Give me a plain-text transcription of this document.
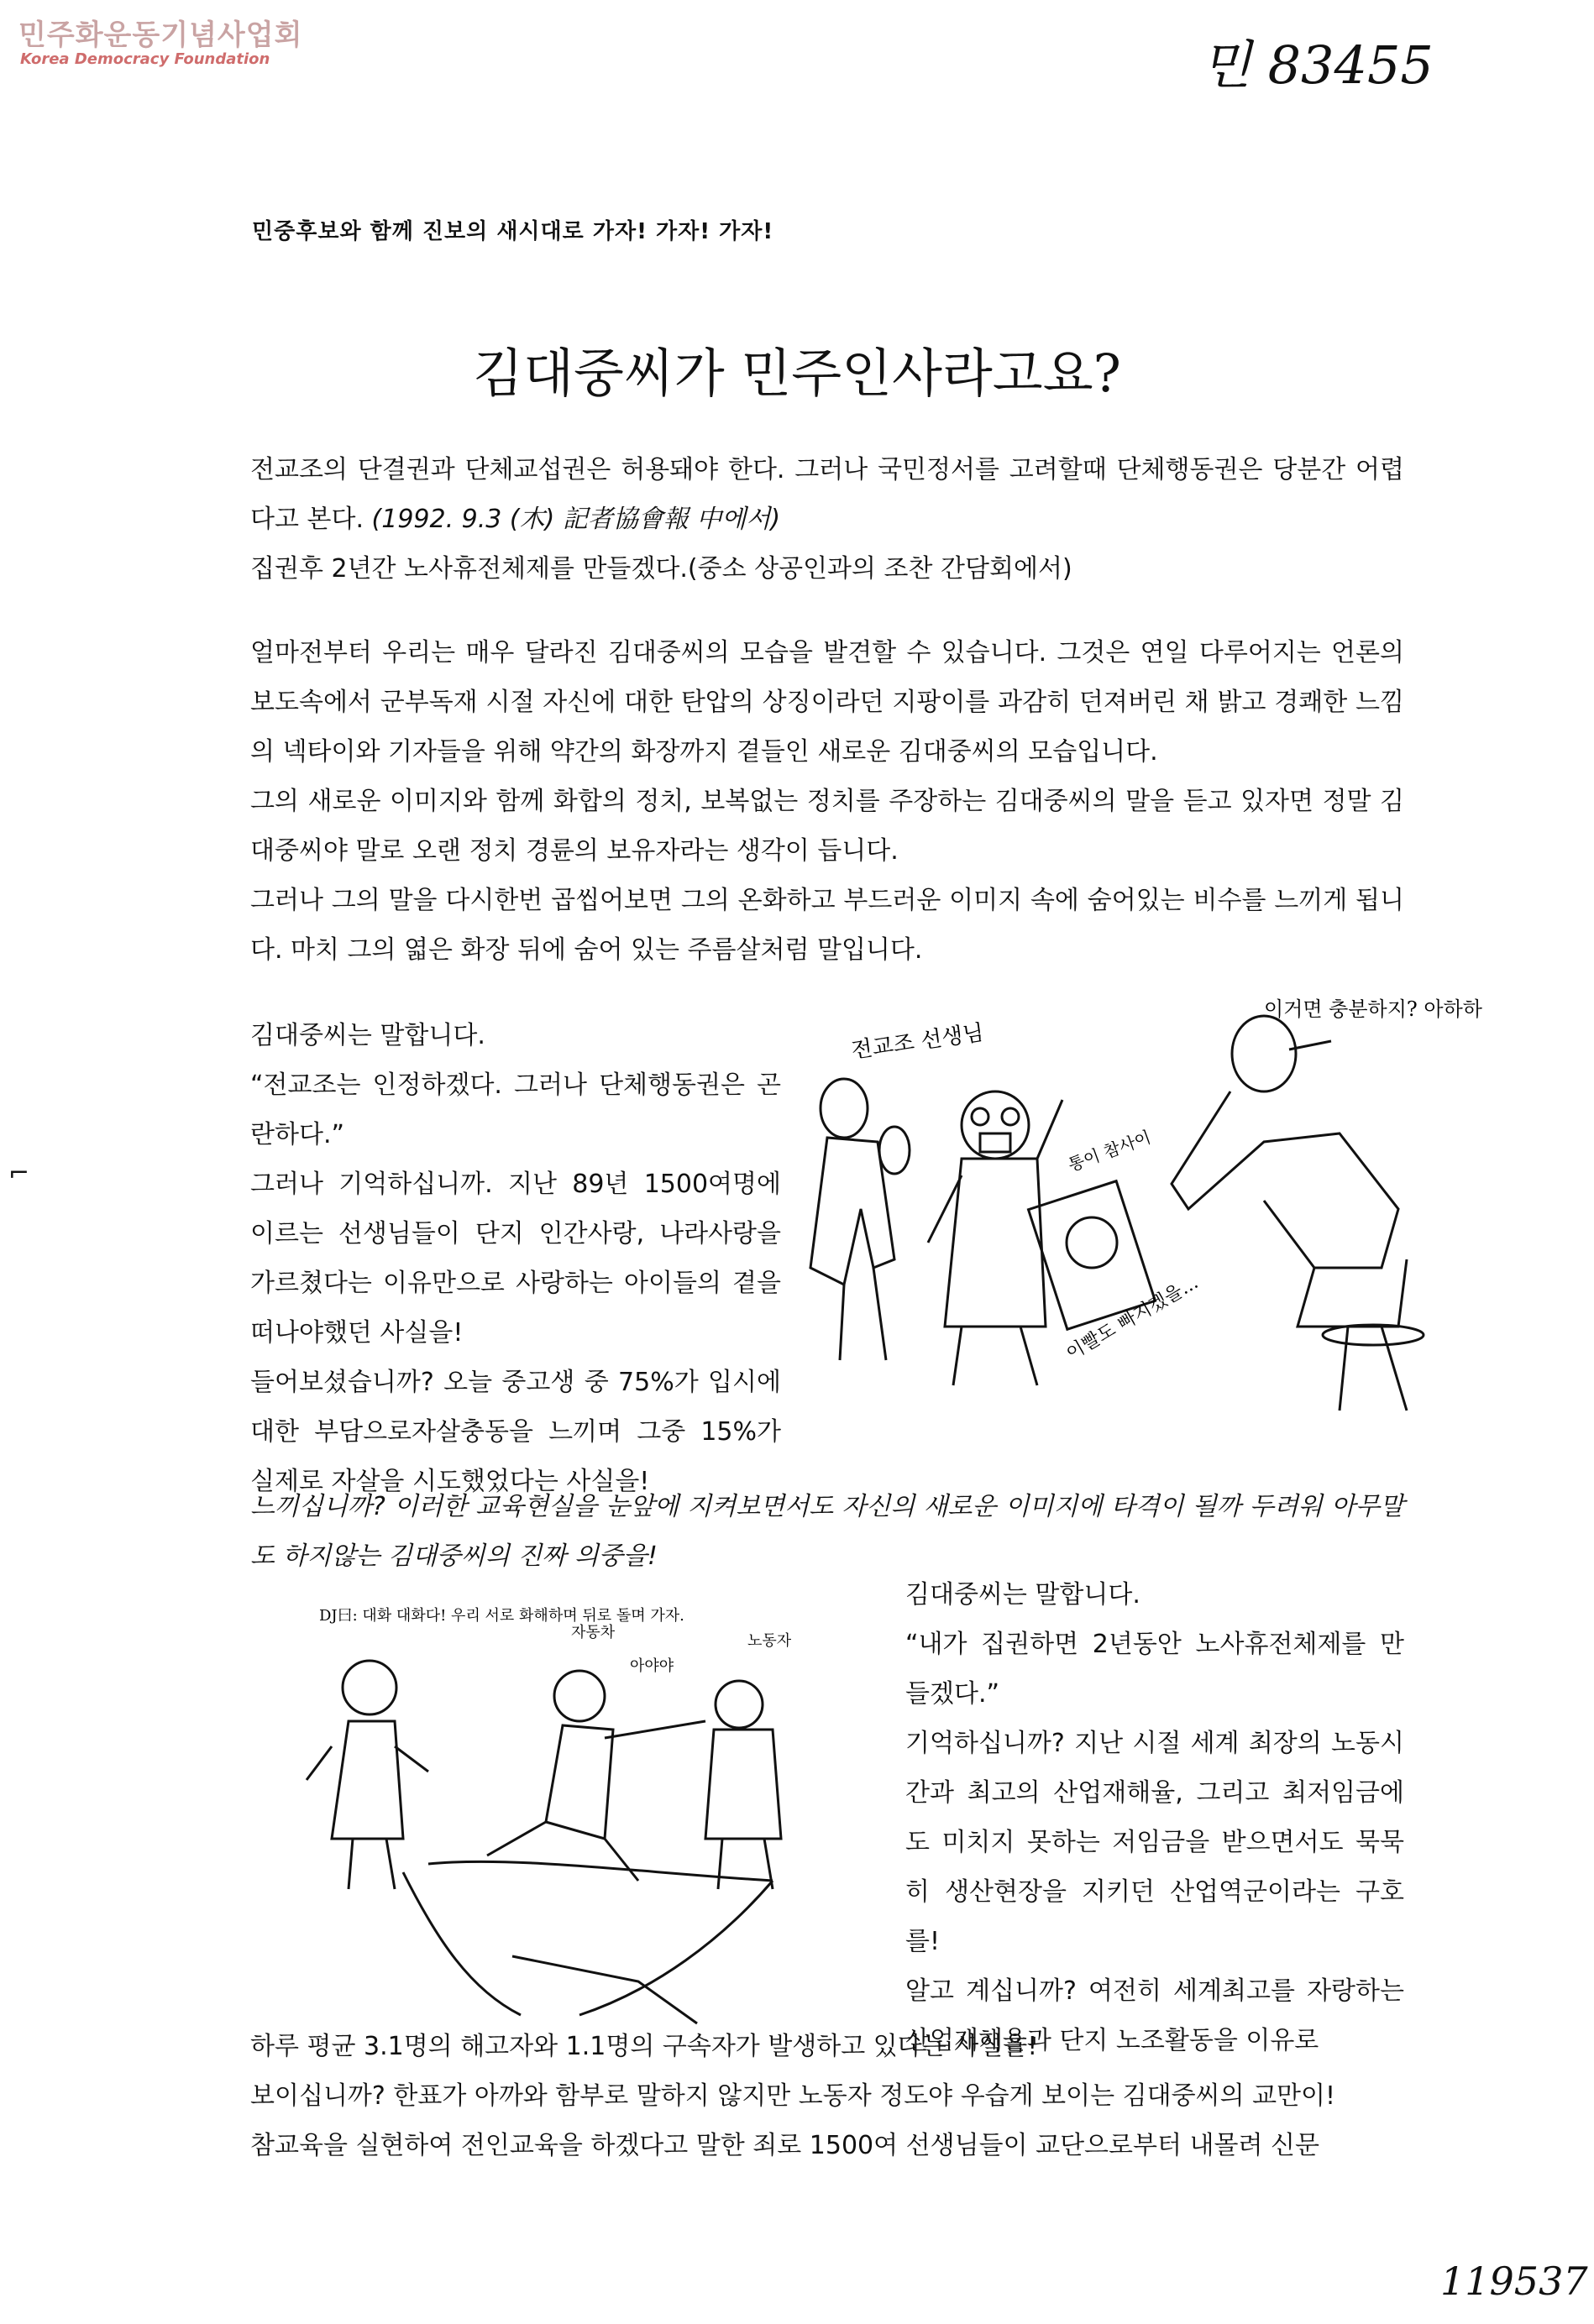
민주화운동기념사업회
Korea Democracy Foundation	민 83455
⌐
민중후보와 함께 진보의 새시대로 가자! 가자! 가자!
김대중씨가 민주인사라고요?

전교조의 단결권과 단체교섭권은 허용돼야 한다. 그러나 국민정서를 고려할때 단체행동권은 당분간 어렵다고 본다. (1992. 9.3 (木) 記者協會報 中에서)

집권후 2년간 노사휴전체제를 만들겠다.(중소 상공인과의 조찬 간담회에서)

얼마전부터 우리는 매우 달라진 김대중씨의 모습을 발견할 수 있습니다. 그것은 연일 다루어지는 언론의 보도속에서 군부독재 시절 자신에 대한 탄압의 상징이라던 지팡이를 과감히 던져버린 채 밝고 경쾌한 느낌의 넥타이와 기자들을 위해 약간의 화장까지 곁들인 새로운 김대중씨의 모습입니다.

그의 새로운 이미지와 함께 화합의 정치, 보복없는 정치를 주장하는 김대중씨의 말을 듣고 있자면 정말 김대중씨야 말로 오랜 정치 경륜의 보유자라는 생각이 듭니다.

그러나 그의 말을 다시한번 곱씹어보면 그의 온화하고 부드러운 이미지 속에 숨어있는 비수를 느끼게 됩니다. 마치 그의 엷은 화장 뒤에 숨어 있는 주름살처럼 말입니다.

김대중씨는 말합니다.

“전교조는 인정하겠다. 그러나 단체행동권은 곤란하다.”

그러나 기억하십니까. 지난 89년 1500여명에 이르는 선생님들이 단지 인간사랑, 나라사랑을 가르쳤다는 이유만으로 사랑하는 아이들의 곁을떠나야했던 사실을!

들어보셨습니까? 오늘 중고생 중 75%가 입시에대한 부담으로자살충동을 느끼며 그중 15%가 실제로 자살을 시도했었다는 사실을!

전교조 선생님
이거면 충분하지? 아하하
통이 참사이
이빨도 빠지겠을...

느끼십니까? 이러한 교육현실을 눈앞에 지켜보면서도 자신의 새로운 이미지에 타격이 될까 두려워 아무말도 하지않는 김대중씨의 진짜 의중을!

DJ曰: 대화 대화다! 우리 서로 화해하며 뒤로 돌며 가자.
자동차
아야야
노동자

김대중씨는 말합니다.

“내가 집권하면 2년동안 노사휴전체제를 만들겠다.”

기억하십니까? 지난 시절 세계 최장의 노동시간과 최고의 산업재해율, 그리고 최저임금에도 미치지 못하는 저임금을 받으면서도 묵묵히 생산현장을 지키던 산업역군이라는 구호를!

알고 계십니까? 여전히 세계최고를 자랑하는 산업재해율과 단지 노조활동을 이유로

하루 평균 3.1명의 해고자와 1.1명의 구속자가 발생하고 있다는 사실을!

보이십니까? 한표가 아까와 함부로 말하지 않지만 노동자 정도야 우습게 보이는 김대중씨의 교만이!

참교육을 실현하여 전인교육을 하겠다고 말한 죄로 1500여 선생님들이 교단으로부터 내몰려 신문

119537
